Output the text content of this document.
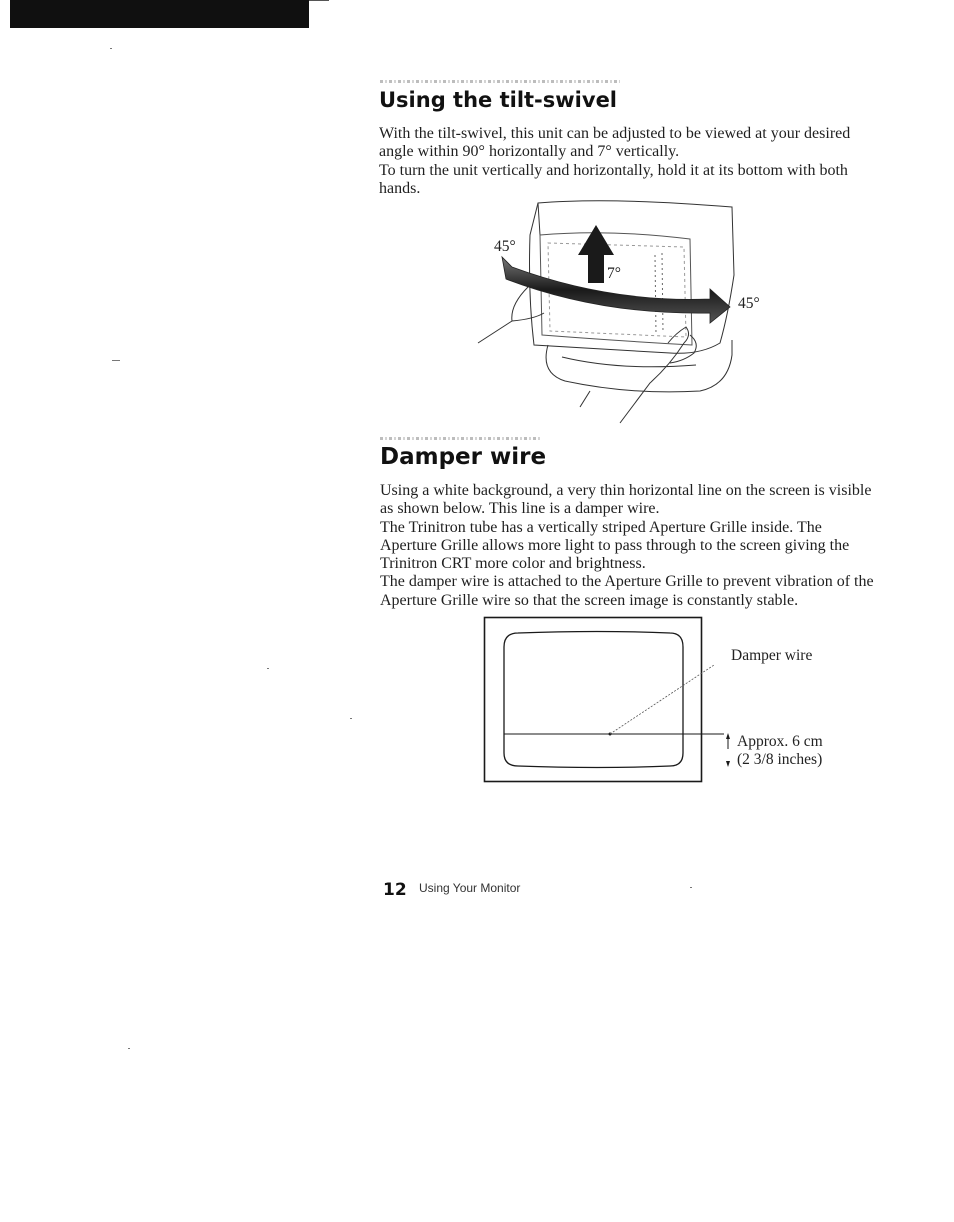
Using the tilt-swivel

With the tilt-swivel, this unit can be adjusted to be viewed at your desired angle within 90° horizontally and 7° vertically.

To turn the unit vertically and horizontally, hold it at its bottom with both hands.

45°
7°
45°
Damper wire

Using a white background, a very thin horizontal line on the screen is visible as shown below. This line is a damper wire.

The Trinitron tube has a vertically striped Aperture Grille inside. The Aperture Grille allows more light to pass through to the screen giving the Trinitron CRT more color and brightness.

The damper wire is attached to the Aperture Grille to prevent vibration of the Aperture Grille wire so that the screen image is constantly stable.

Damper wire
Approx. 6 cm
(2 3/8 inches)
12 Using Your Monitor
